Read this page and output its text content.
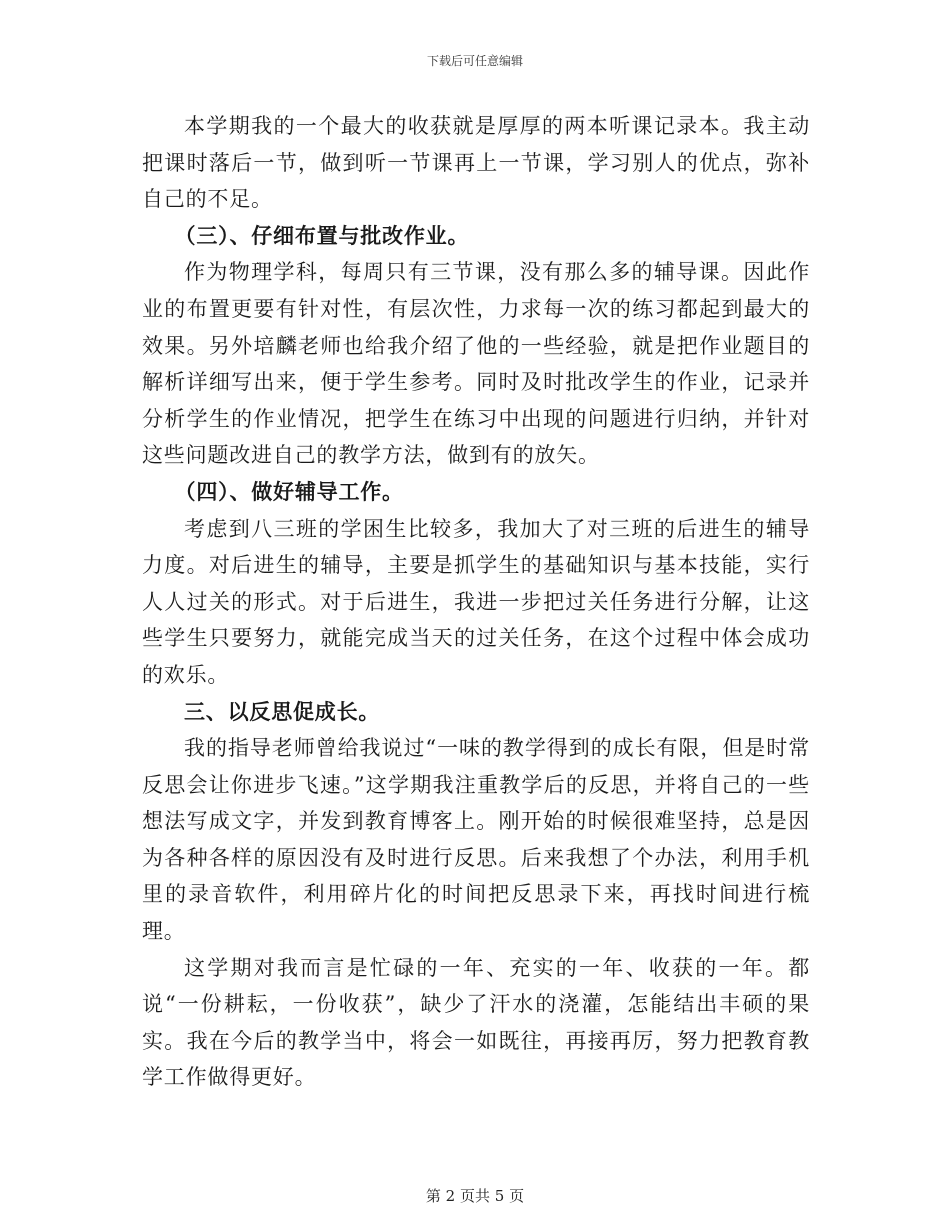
下载后可任意编辑

本学期我的一个最大的收获就是厚厚的两本听课记录本。我主动把课时落后一节，做到听一节课再上一节课，学习别人的优点，弥补自己的不足。

（三）、仔细布置与批改作业。

作为物理学科，每周只有三节课，没有那么多的辅导课。因此作业的布置更要有针对性，有层次性，力求每一次的练习都起到最大的效果。另外培麟老师也给我介绍了他的一些经验，就是把作业题目的解析详细写出来，便于学生参考。同时及时批改学生的作业，记录并分析学生的作业情况，把学生在练习中出现的问题进行归纳，并针对这些问题改进自己的教学方法，做到有的放矢。

（四）、做好辅导工作。

考虑到八三班的学困生比较多，我加大了对三班的后进生的辅导力度。对后进生的辅导，主要是抓学生的基础知识与基本技能，实行人人过关的形式。对于后进生，我进一步把过关任务进行分解，让这些学生只要努力，就能完成当天的过关任务，在这个过程中体会成功的欢乐。

三、以反思促成长。

我的指导老师曾给我说过“一味的教学得到的成长有限，但是时常反思会让你进步飞速。”这学期我注重教学后的反思，并将自己的一些想法写成文字，并发到教育博客上。刚开始的时候很难坚持，总是因为各种各样的原因没有及时进行反思。后来我想了个办法，利用手机里的录音软件，利用碎片化的时间把反思录下来，再找时间进行梳理。

这学期对我而言是忙碌的一年、充实的一年、收获的一年。都说“一份耕耘，一份收获”，缺少了汗水的浇灌，怎能结出丰硕的果实。我在今后的教学当中，将会一如既往，再接再厉，努力把教育教学工作做得更好。

第 2 页共 5 页
